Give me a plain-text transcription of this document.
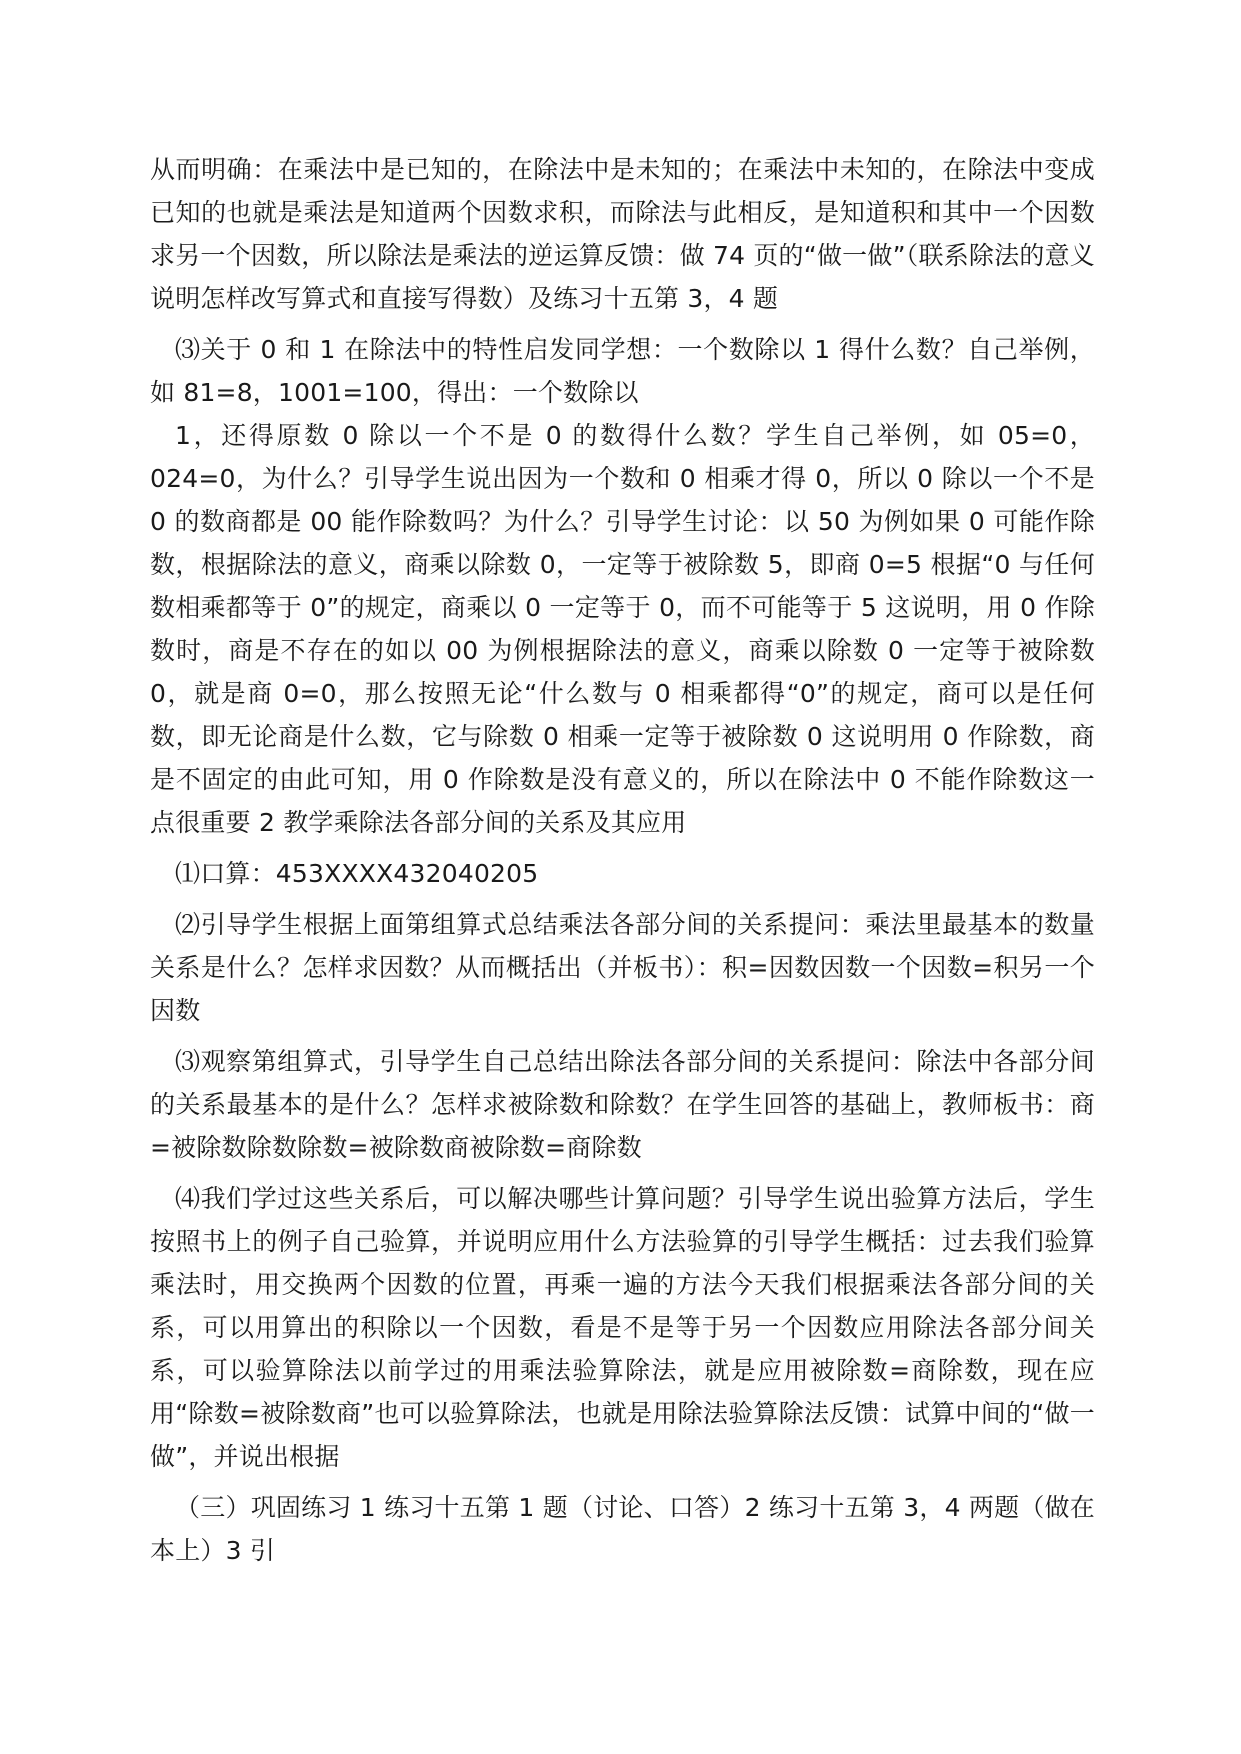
从而明确：在乘法中是已知的，在除法中是未知的；在乘法中未知的，在除法中变成已知的也就是乘法是知道两个因数求积，而除法与此相反，是知道积和其中一个因数求另一个因数，所以除法是乘法的逆运算反馈：做 74 页的“做一做”（联系除法的意义说明怎样改写算式和直接写得数）及练习十五第 3，4 题

⑶关于 0 和 1 在除法中的特性启发同学想：一个数除以 1 得什么数？自己举例，如 81=8，1001=100，得出：一个数除以

1，还得原数 0 除以一个不是 0 的数得什么数？学生自己举例，如 05=0，024=0，为什么？引导学生说出因为一个数和 0 相乘才得 0，所以 0 除以一个不是 0 的数商都是 00 能作除数吗？为什么？引导学生讨论：以 50 为例如果 0 可能作除数，根据除法的意义，商乘以除数 0，一定等于被除数 5，即商 0=5 根据“0 与任何数相乘都等于 0”的规定，商乘以 0 一定等于 0，而不可能等于 5 这说明，用 0 作除数时，商是不存在的如以 00 为例根据除法的意义，商乘以除数 0 一定等于被除数 0，就是商 0=0，那么按照无论“什么数与 0 相乘都得“0”的规定，商可以是任何数，即无论商是什么数，它与除数 0 相乘一定等于被除数 0 这说明用 0 作除数，商是不固定的由此可知，用 0 作除数是没有意义的，所以在除法中 0 不能作除数这一点很重要 2 教学乘除法各部分间的关系及其应用

⑴口算：453XXXX432040205

⑵引导学生根据上面第组算式总结乘法各部分间的关系提问：乘法里最基本的数量关系是什么？怎样求因数？从而概括出（并板书）：积=因数因数一个因数=积另一个因数

⑶观察第组算式，引导学生自己总结出除法各部分间的关系提问：除法中各部分间的关系最基本的是什么？怎样求被除数和除数？在学生回答的基础上，教师板书：商=被除数除数除数=被除数商被除数=商除数

⑷我们学过这些关系后，可以解决哪些计算问题？引导学生说出验算方法后，学生按照书上的例子自己验算，并说明应用什么方法验算的引导学生概括：过去我们验算乘法时，用交换两个因数的位置，再乘一遍的方法今天我们根据乘法各部分间的关系，可以用算出的积除以一个因数，看是不是等于另一个因数应用除法各部分间关系，可以验算除法以前学过的用乘法验算除法，就是应用被除数=商除数，现在应用“除数=被除数商”也可以验算除法，也就是用除法验算除法反馈：试算中间的“做一做”，并说出根据

（三）巩固练习 1 练习十五第 1 题（讨论、口答）2 练习十五第 3，4 两题（做在本上）3 引
